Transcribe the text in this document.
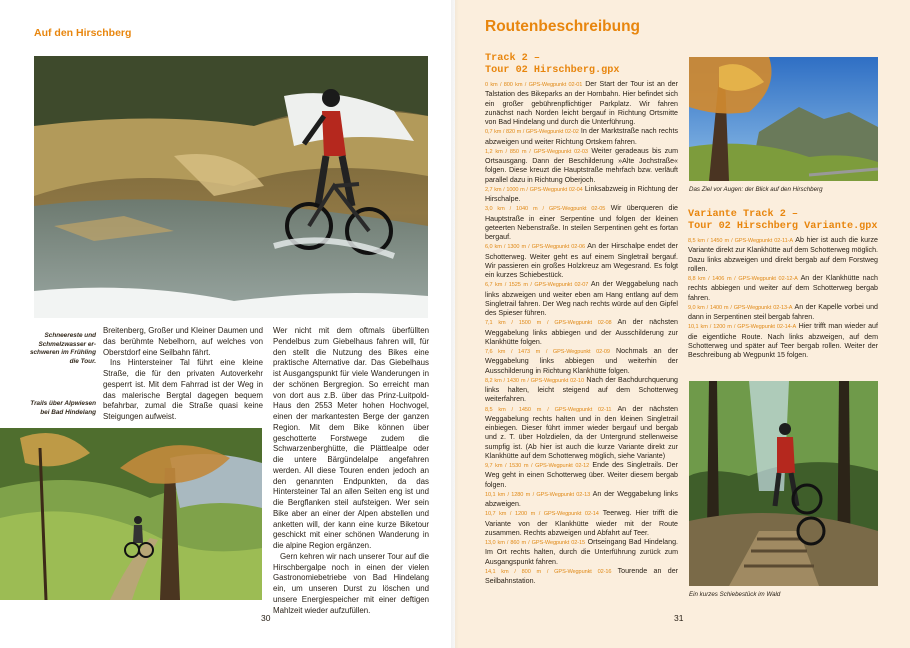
Auf den Hirschberg
Schneereste und
Schmelzwasser er-
schweren im Frühling
die Tour.
Trails über Alpwiesen
bei Bad Hindelang

Breitenberg, Großer und Kleiner Daumen und das berühmte Nebelhorn, auf welches von Oberstdorf eine Seilbahn fährt.

Ins Hintersteiner Tal führt eine kleine Straße, die für den privaten Autoverkehr gesperrt ist. Mit dem Fahrrad ist der Weg in das malerische Bergtal dagegen bequem befahrbar, zumal die Straße quasi keine Steigungen aufweist.

Wer nicht mit dem oftmals überfüllten Pendelbus zum Giebelhaus fahren will, für den stellt die Nutzung des Bikes eine praktische Alternative dar. Das Giebelhaus ist Ausgangspunkt für viele Wanderungen in der schönen Bergregion. So erreicht man von dort aus z.B. über das Prinz-Luitpold-Haus den 2553 Meter hohen Hochvogel, einen der markantesten Berge der ganzen Region. Mit dem Bike können über geschotterte Forstwege zudem die Schwarzenberghütte, die Plättlealpe oder die untere Bärgündelalpe angefahren werden. All diese Touren enden jedoch an den genannten Endpunkten, da das Hintersteiner Tal an allen Seiten eng ist und die Bergflanken steil aufsteigen. Wer sein Bike aber an einer der Alpen abstellen und anketten will, der kann eine kurze Biketour geschickt mit einer schönen Wanderung in die alpine Region ergänzen.

Gern kehren wir nach unserer Tour auf die Hirschbergalpe noch in einen der vielen Gastronomiebetriebe von Bad Hindelang ein, um unseren Durst zu löschen und unsere Energiespeicher mit einer deftigen Mahlzeit wieder aufzufüllen.

30
Routenbeschreibung
Track 2 –
Tour 02 Hirschberg.gpx

0 km / 800 km / GPS-Wegpunkt 02-01 Der Start der Tour ist an der Talstation des Bikeparks an der Hornbahn. Hier befindet sich ein großer gebührenpflichtiger Parkplatz. Wir fahren zunächst nach Norden leicht bergauf in Richtung Ortsmitte von Bad Hindelang und durch die Unterführung.

0,7 km / 820 m / GPS-Wegpunkt 02-02 In der Marktstraße nach rechts abzweigen und weiter Richtung Ortskern fahren.

1,2 km / 850 m / GPS-Wegpunkt 02-03 Weiter geradeaus bis zum Ortsausgang. Dann der Beschilderung »Alte Jochstraße« folgen. Diese kreuzt die Hauptstraße mehrfach bzw. verläuft parallel dazu in Richtung Oberjoch.

2,7 km / 1000 m / GPS-Wegpunkt 02-04 Linksabzweig in Richtung der Hirschalpe.

3,0 km / 1040 m / GPS-Wegpunkt 02-05 Wir überqueren die Hauptstraße in einer Serpentine und folgen der kleinen geteerten Nebenstraße. In steilen Serpentinen geht es fortan bergauf.

6,0 km / 1300 m / GPS-Wegpunkt 02-06 An der Hirschalpe endet der Schotterweg. Weiter geht es auf einem Singletrail bergauf. Wir passieren ein großes Holzkreuz am Wegesrand. Es folgt ein kurzes Schiebestück.

6,7 km / 1525 m / GPS-Wegpunkt 02-07 An der Weggabelung nach links abzweigen und weiter eben am Hang entlang auf dem Singletrail fahren. Der Weg nach rechts würde auf den Gipfel des Spieser führen.

7,1 km / 1500 m / GPS-Wegpunkt 02-08 An der nächsten Weggabelung links abbiegen und der Ausschilderung zur Klankhütte folgen.

7,6 km / 1473 m / GPS-Wegpunkt 02-09 Nochmals an der Weggabelung links abbiegen und weiterhin der Ausschilderung in Richtung Klankhütte folgen.

8,2 km / 1430 m / GPS-Wegpunkt 02-10 Nach der Bachdurchquerung links halten, leicht steigend auf dem Schotterweg weiterfahren.

8,5 km / 1450 m / GPS-Wegpunkt 02-11 An der nächsten Weggabelung rechts halten und in den kleinen Singletrail einbiegen. Dieser führt immer wieder bergauf und bergab und z. T. über Holzdielen, da der Untergrund stellenweise sumpfig ist. (Ab hier ist auch die kurze Variante direkt zur Klankhütte auf dem Schotterweg möglich, siehe Variante)

9,7 km / 1530 m / GPS-Wegpunkt 02-12 Ende des Singletrails. Der Weg geht in einen Schotterweg über. Weiter diesem bergab folgen.

10,1 km / 1280 m / GPS-Wegpunkt 02-13 An der Weggabelung links abzweigen.

10,7 km / 1200 m / GPS-Wegpunkt 02-14 Teerweg. Hier trifft die Variante von der Klankhütte wieder mit der Route zusammen. Rechts abzweigen und Abfahrt auf Teer.

13,0 km / 860 m / GPS-Wegpunkt 02-15 Ortseingang Bad Hindelang. Im Ort rechts halten, durch die Unterführung zurück zum Ausgangspunkt fahren.

14,1 km / 800 m / GPS-Wegpunkt 02-16 Tourende an der Seilbahnstation.

Das Ziel vor Augen: der Blick auf den Hirschberg
Variante Track 2 –
Tour 02 Hirschberg Variante.gpx

8,5 km / 1450 m / GPS-Wegpunkt 02-11-A Ab hier ist auch die kurze Variante direkt zur Klankhütte auf dem Schotterweg möglich. Dazu links abzweigen und direkt bergab auf dem Forstweg rollen.

8,8 km / 1406 m / GPS-Wegpunkt 02-12-A An der Klankhütte nach rechts abbiegen und weiter auf dem Schotterweg bergab fahren.

9,0 km / 1400 m / GPS-Wegpunkt 02-13-A An der Kapelle vorbei und dann in Serpentinen steil bergab fahren.

10,1 km / 1200 m / GPS-Wegpunkt 02-14-A Hier trifft man wieder auf die eigentliche Route. Nach links abzweigen, auf dem Schotterweg und später auf Teer bergab rollen. Weiter der Beschreibung ab Wegpunkt 15 folgen.

Ein kurzes Schiebestück im Wald
31
